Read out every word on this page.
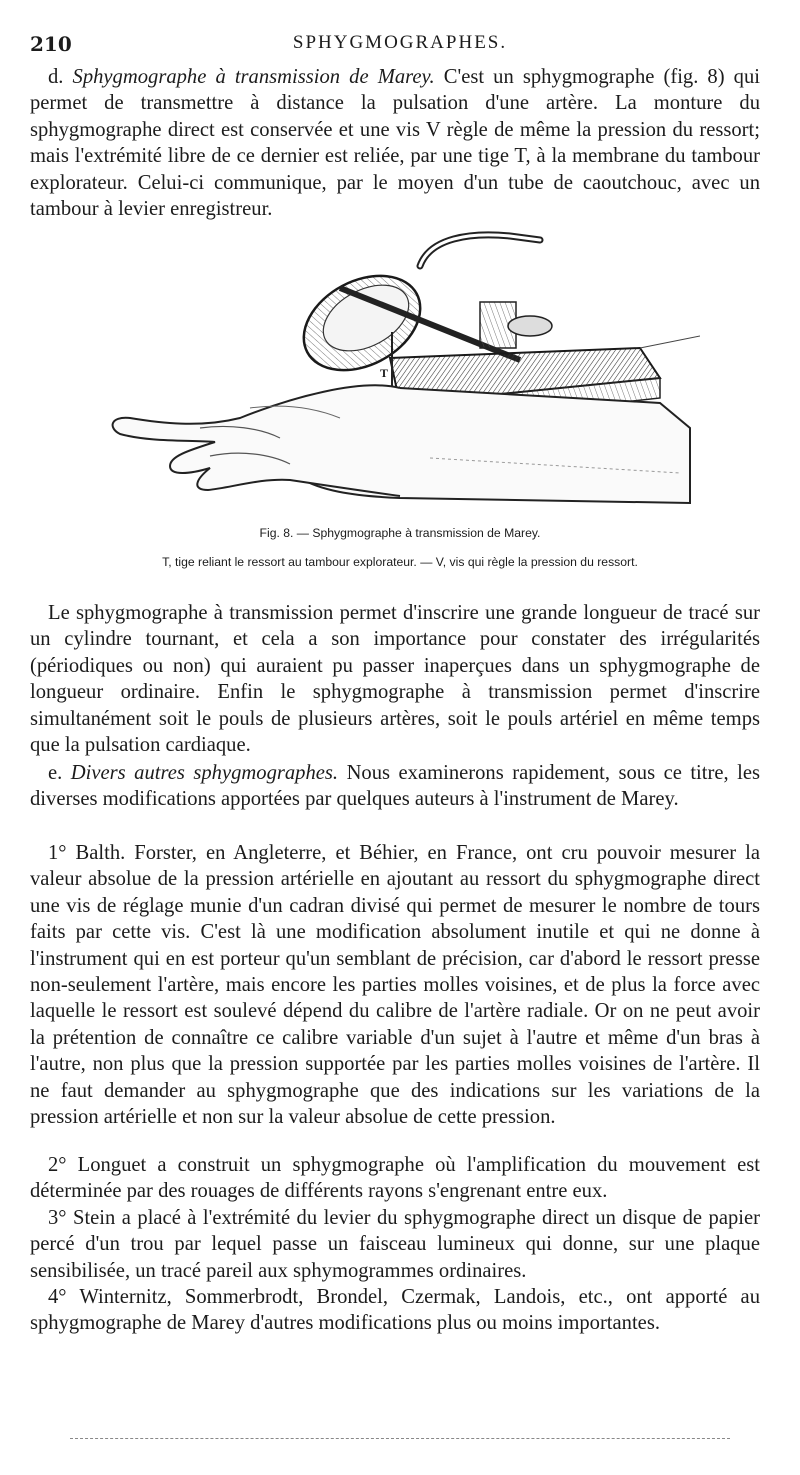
210	SPHYGMOGRAPHES.

d. Sphygmographe à transmission de Marey. C'est un sphygmographe (fig. 8) qui permet de transmettre à distance la pulsation d'une artère. La monture du sphygmographe direct est conservée et une vis V règle de même la pression du ressort; mais l'extrémité libre de ce dernier est reliée, par une tige T, à la membrane du tambour explorateur. Celui-ci communique, par le moyen d'un tube de caoutchouc, avec un tambour à levier enregistreur.

T

Fig. 8. — Sphygmographe à transmission de Marey.

T, tige reliant le ressort au tambour explorateur. — V, vis qui règle la pression du ressort.

Le sphygmographe à transmission permet d'inscrire une grande longueur de tracé sur un cylindre tournant, et cela a son importance pour constater des irrégularités (périodiques ou non) qui auraient pu passer inaperçues dans un sphygmographe de longueur ordinaire. Enfin le sphygmographe à transmission permet d'inscrire simultanément soit le pouls de plusieurs artères, soit le pouls artériel en même temps que la pulsation cardiaque.

e. Divers autres sphygmographes. Nous examinerons rapidement, sous ce titre, les diverses modifications apportées par quelques auteurs à l'instrument de Marey.

1° Balth. Forster, en Angleterre, et Béhier, en France, ont cru pouvoir mesurer la valeur absolue de la pression artérielle en ajoutant au ressort du sphygmographe direct une vis de réglage munie d'un cadran divisé qui permet de mesurer le nombre de tours faits par cette vis. C'est là une modification absolument inutile et qui ne donne à l'instrument qui en est porteur qu'un semblant de précision, car d'abord le ressort presse non-seulement l'artère, mais encore les parties molles voisines, et de plus la force avec laquelle le ressort est soulevé dépend du calibre de l'artère radiale. Or on ne peut avoir la prétention de connaître ce calibre variable d'un sujet à l'autre et même d'un bras à l'autre, non plus que la pression supportée par les parties molles voisines de l'artère. Il ne faut demander au sphygmographe que des indications sur les variations de la pression artérielle et non sur la valeur absolue de cette pression.

2° Longuet a construit un sphygmographe où l'amplification du mouvement est déterminée par des rouages de différents rayons s'engrenant entre eux.

3° Stein a placé à l'extrémité du levier du sphygmographe direct un disque de papier percé d'un trou par lequel passe un faisceau lumineux qui donne, sur une plaque sensibilisée, un tracé pareil aux sphymogrammes ordinaires.

4° Winternitz, Sommerbrodt, Brondel, Czermak, Landois, etc., ont apporté au sphygmographe de Marey d'autres modifications plus ou moins importantes.
